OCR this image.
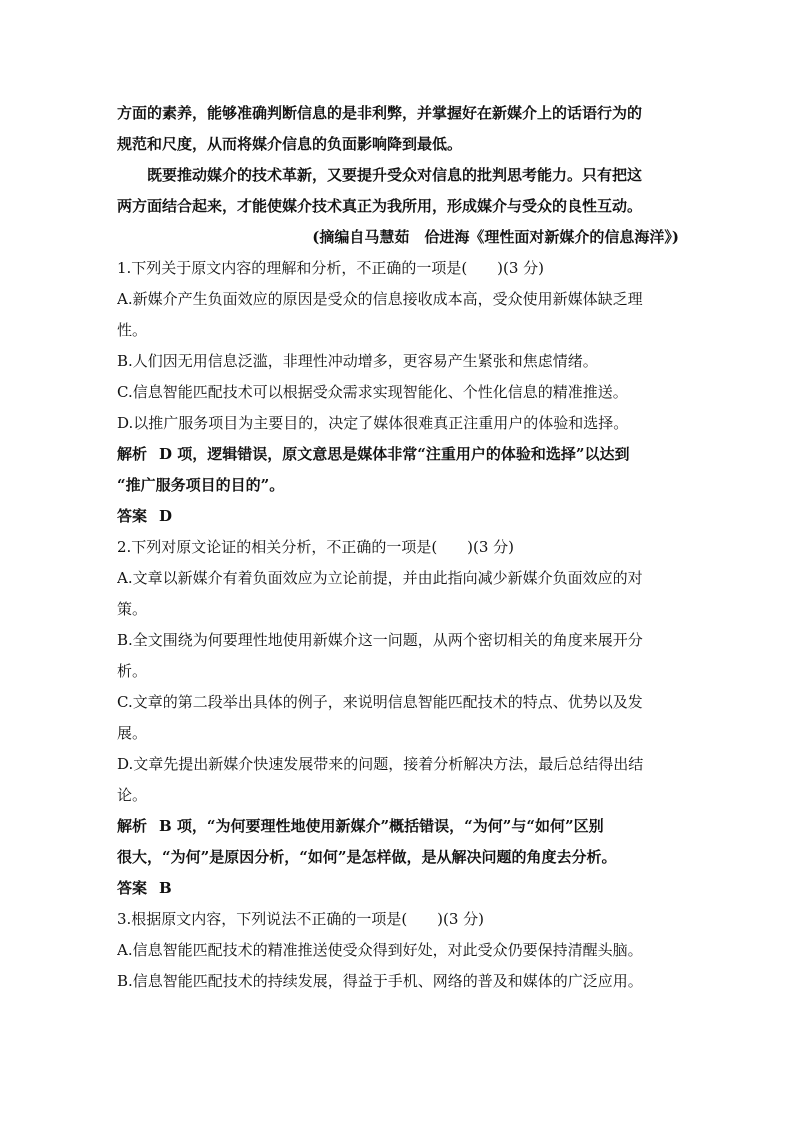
方面的素养，能够准确判断信息的是非利弊，并掌握好在新媒介上的话语行为的
规范和尺度，从而将媒介信息的负面影响降到最低。
既要推动媒介的技术革新，又要提升受众对信息的批判思考能力。只有把这
两方面结合起来，才能使媒介技术真正为我所用，形成媒介与受众的良性互动。
(摘编自马慧茹　佮进海《理性面对新媒介的信息海洋》)
1.下列关于原文内容的理解和分析，不正确的一项是(　　)(3 分)
A.新媒介产生负面效应的原因是受众的信息接收成本高，受众使用新媒体缺乏理
性。
B.人们因无用信息泛滥，非理性冲动增多，更容易产生紧张和焦虑情绪。
C.信息智能匹配技术可以根据受众需求实现智能化、个性化信息的精准推送。
D.以推广服务项目为主要目的，决定了媒体很难真正注重用户的体验和选择。
解析 D 项，逻辑错误，原文意思是媒体非常“注重用户的体验和选择”以达到
“推广服务项目的目的”。
答案 D
2.下列对原文论证的相关分析，不正确的一项是(　　)(3 分)
A.文章以新媒介有着负面效应为立论前提，并由此指向减少新媒介负面效应的对
策。
B.全文围绕为何要理性地使用新媒介这一问题，从两个密切相关的角度来展开分
析。
C.文章的第二段举出具体的例子，来说明信息智能匹配技术的特点、优势以及发
展。
D.文章先提出新媒介快速发展带来的问题，接着分析解决方法，最后总结得出结
论。
解析 B 项，“为何要理性地使用新媒介”概括错误，“为何”与“如何”区别
很大，“为何”是原因分析，“如何”是怎样做，是从解决问题的角度去分析。
答案 B
3.根据原文内容，下列说法不正确的一项是(　　)(3 分)
A.信息智能匹配技术的精准推送使受众得到好处，对此受众仍要保持清醒头脑。
B.信息智能匹配技术的持续发展，得益于手机、网络的普及和媒体的广泛应用。
